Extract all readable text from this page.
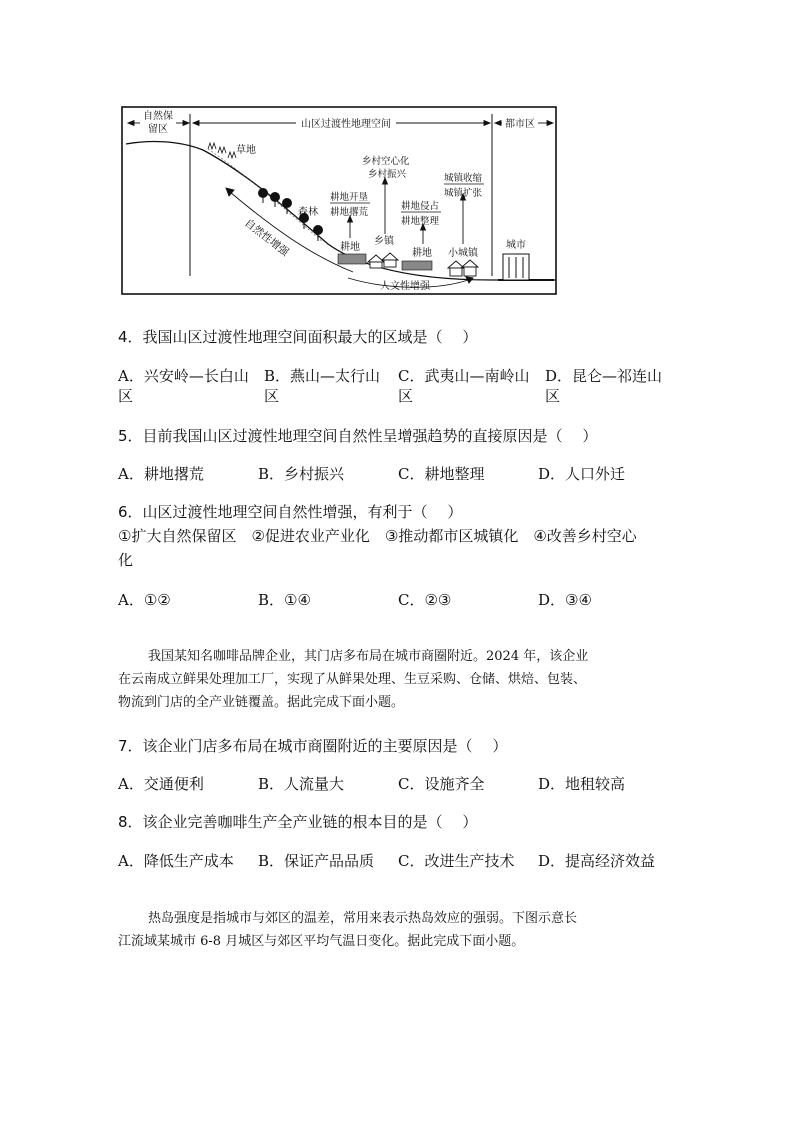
自然保
留区	山区过渡性地理空间	都市区
草地
森林
自然性增强
人文性增强
耕地
耕地开垦
耕地撂荒
乡镇
乡村空心化
乡村振兴
耕地
耕地侵占
耕地整理
小城镇
城镇收缩
城镇扩张
城市
4．我国山区过渡性地理空间面积最大的区域是（　 ）
A．兴安岭—长白山区
B．燕山—太行山区
C．武夷山—南岭山区
D．昆仑—祁连山区
5．目前我国山区过渡性地理空间自然性呈增强趋势的直接原因是（　 ）
A．耕地撂荒	B．乡村振兴	C．耕地整理	D．人口外迁
6．山区过渡性地理空间自然性增强，有利于（　 ）
①扩大自然保留区　②促进农业产业化　③推动都市区城镇化　④改善乡村空心
化
A．①②	B．①④	C．②③	D．③④
我国某知名咖啡品牌企业，其门店多布局在城市商圈附近。2024 年，该企业
在云南成立鲜果处理加工厂，实现了从鲜果处理、生豆采购、仓储、烘焙、包装、
物流到门店的全产业链覆盖。据此完成下面小题。
7．该企业门店多布局在城市商圈附近的主要原因是（　 ）
A．交通便利	B．人流量大	C．设施齐全	D．地租较高
8．该企业完善咖啡生产全产业链的根本目的是（　 ）
A．降低生产成本 B．保证产品品质 C．改进生产技术 D．提高经济效益
热岛强度是指城市与郊区的温差，常用来表示热岛效应的强弱。下图示意长
江流域某城市 6-8 月城区与郊区平均气温日变化。据此完成下面小题。
